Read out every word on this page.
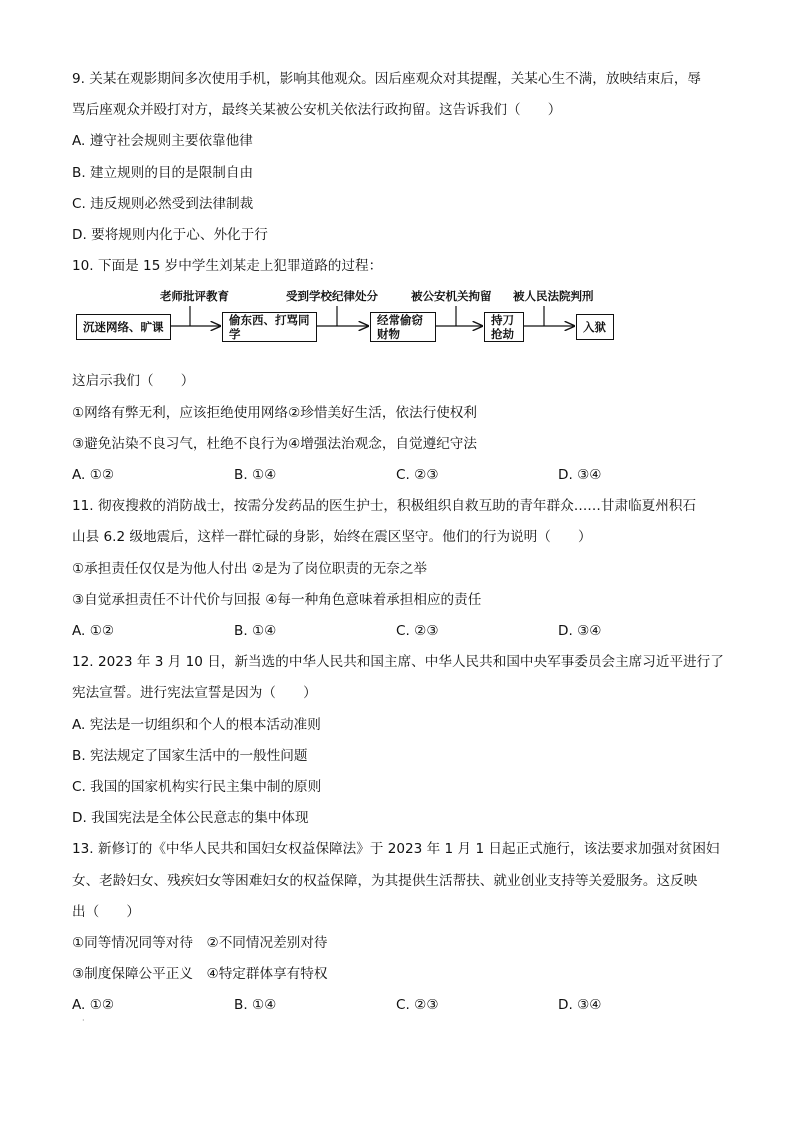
9. 关某在观影期间多次使用手机，影响其他观众。因后座观众对其提醒，关某心生不满，放映结束后，辱
骂后座观众并殴打对方，最终关某被公安机关依法行政拘留。这告诉我们（　　）
A. 遵守社会规则主要依靠他律
B. 建立规则的目的是限制自由
C. 违反规则必然受到法律制裁
D. 要将规则内化于心、外化于行
10. 下面是 15 岁中学生刘某走上犯罪道路的过程：
老师批评教育	受到学校纪律处分	被公安机关拘留 被人民法院判刑
沉迷网络、旷课	偷东西、打骂同学
经常偷窃财物
持刀抢劫	入狱
这启示我们（　　）
①网络有弊无利，应该拒绝使用网络②珍惜美好生活，依法行使权利
③避免沾染不良习气，杜绝不良行为④增强法治观念，自觉遵纪守法
A. ①②	B. ①④	C. ②③	D. ③④
11. 彻夜搜救的消防战士，按需分发药品的医生护士，积极组织自救互助的青年群众……甘肃临夏州积石
山县 6.2 级地震后，这样一群忙碌的身影，始终在震区坚守。他们的行为说明（　　）
①承担责任仅仅是为他人付出 ②是为了岗位职责的无奈之举
③自觉承担责任不计代价与回报 ④每一种角色意味着承担相应的责任
A. ①②	B. ①④	C. ②③	D. ③④
12. 2023 年 3 月 10 日，新当选的中华人民共和国主席、中华人民共和国中央军事委员会主席习近平进行了
宪法宣誓。进行宪法宣誓是因为（　　）
A. 宪法是一切组织和个人的根本活动准则
B. 宪法规定了国家生活中的一般性问题
C. 我国的国家机构实行民主集中制的原则
D. 我国宪法是全体公民意志的集中体现
13. 新修订的《中华人民共和国妇女权益保障法》于 2023 年 1 月 1 日起正式施行，该法要求加强对贫困妇
女、老龄妇女、残疾妇女等困难妇女的权益保障，为其提供生活帮扶、就业创业支持等关爱服务。这反映
出（　　）
①同等情况同等对待　②不同情况差别对待
③制度保障公平正义　④特定群体享有特权
A. ①②	B. ①④	C. ②③	D. ③④
·
